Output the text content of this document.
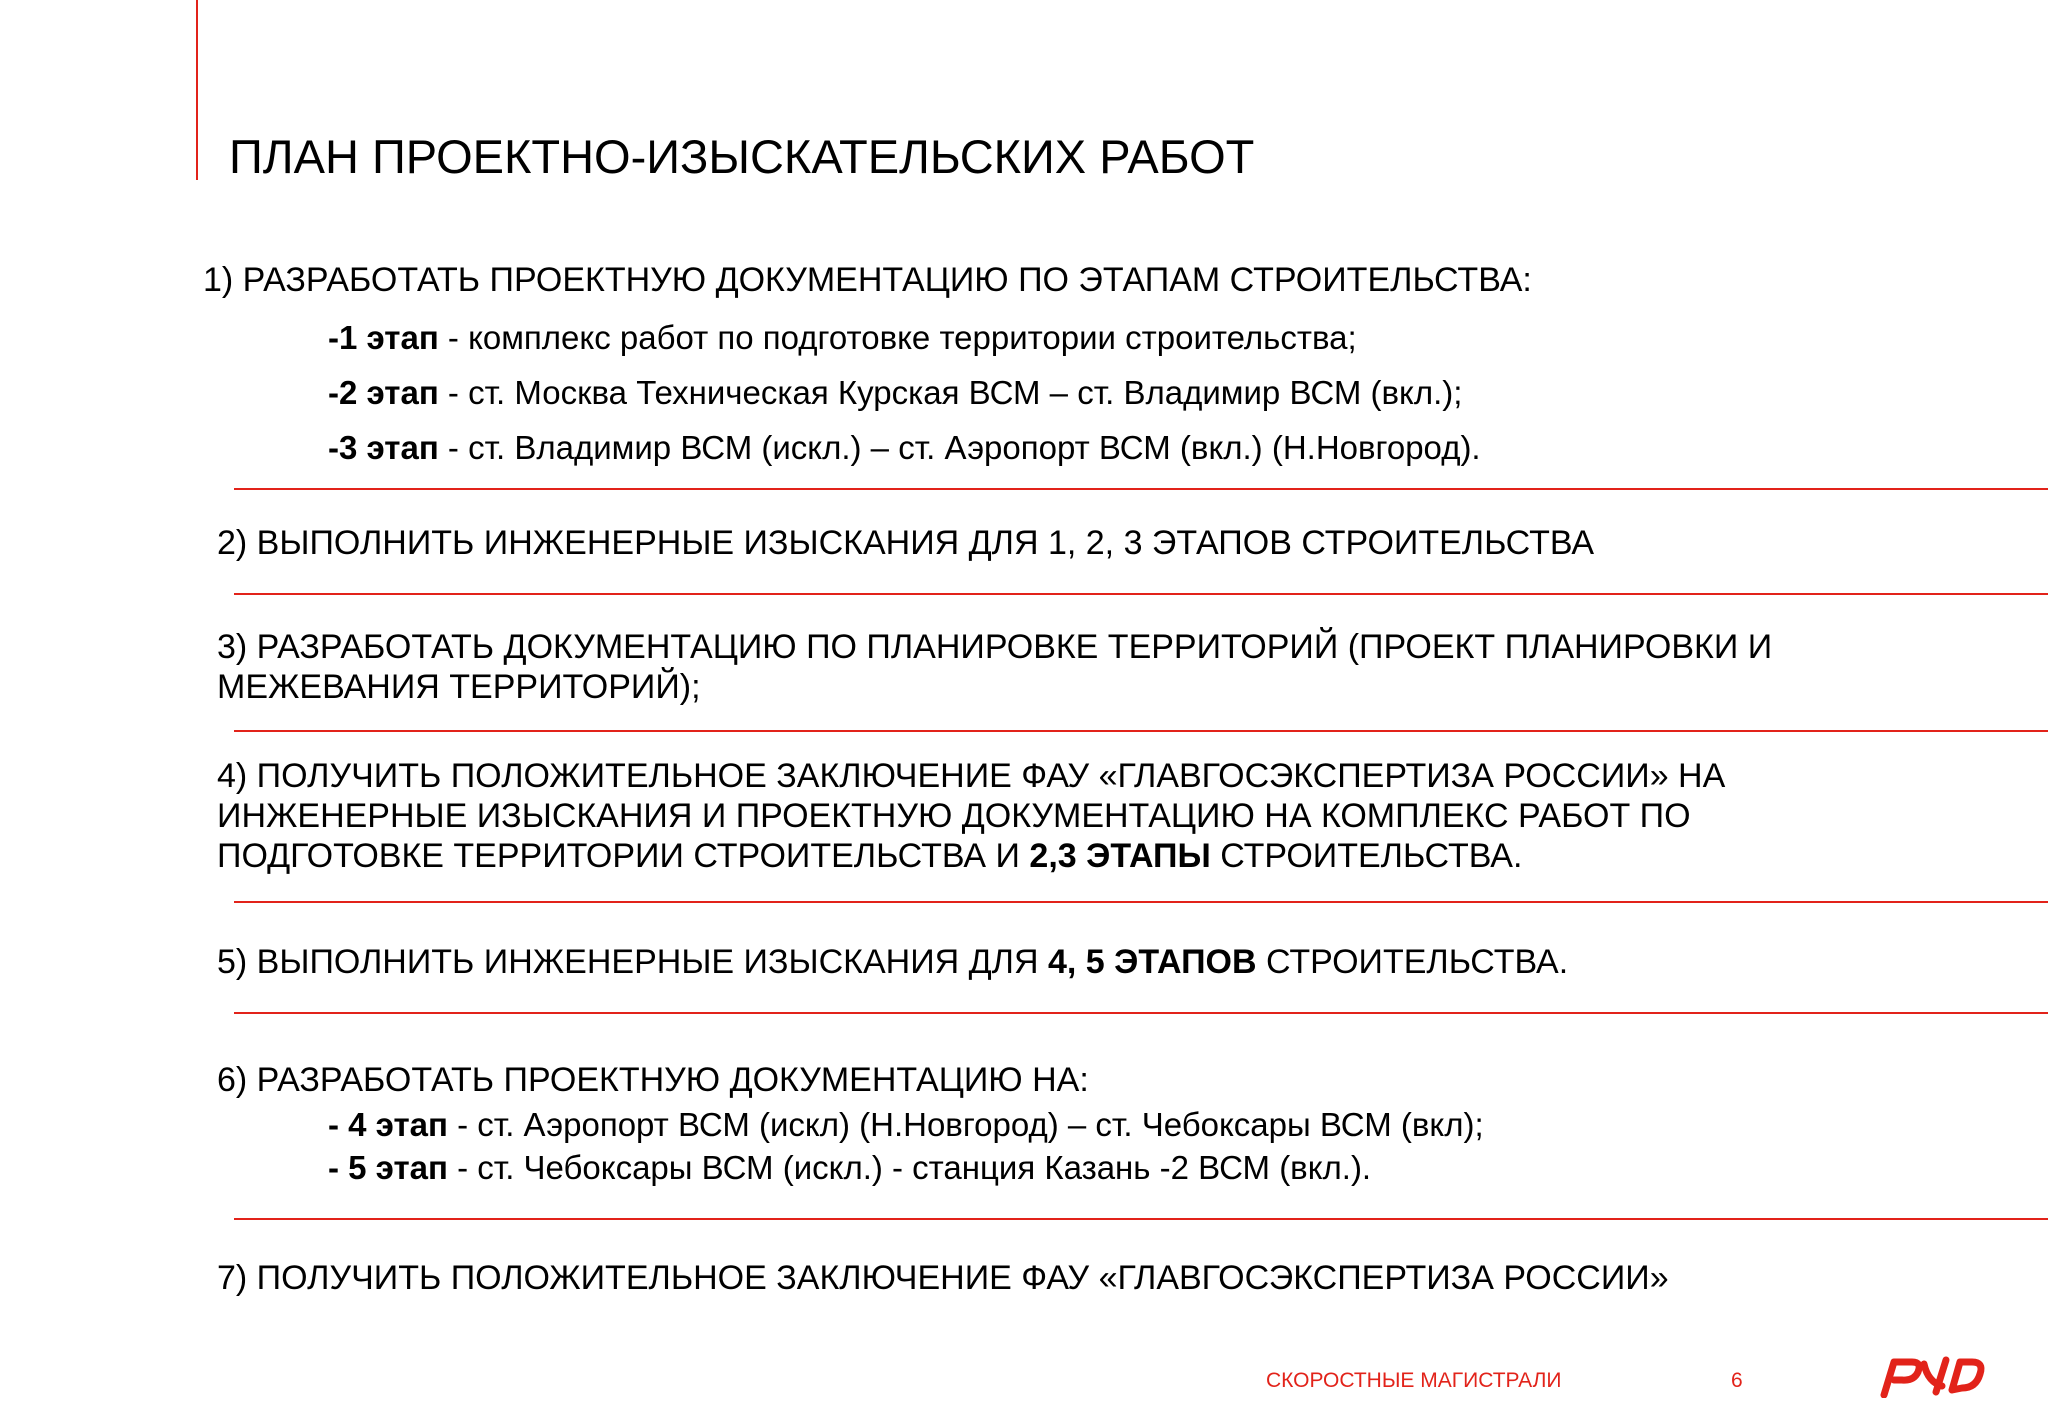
ПЛАН ПРОЕКТНО-ИЗЫСКАТЕЛЬСКИХ РАБОТ
1) РАЗРАБОТАТЬ ПРОЕКТНУЮ ДОКУМЕНТАЦИЮ ПО ЭТАПАМ СТРОИТЕЛЬСТВА:
-1 этап - комплекс работ по подготовке территории строительства;
-2 этап - ст. Москва Техническая Курская ВСМ – ст. Владимир ВСМ (вкл.);
-3 этап - ст. Владимир ВСМ (искл.) – ст. Аэропорт ВСМ (вкл.) (Н.Новгород).
2) ВЫПОЛНИТЬ ИНЖЕНЕРНЫЕ ИЗЫСКАНИЯ ДЛЯ 1, 2, 3 ЭТАПОВ СТРОИТЕЛЬСТВА
3) РАЗРАБОТАТЬ ДОКУМЕНТАЦИЮ ПО ПЛАНИРОВКЕ ТЕРРИТОРИЙ (ПРОЕКТ ПЛАНИРОВКИ И
МЕЖЕВАНИЯ ТЕРРИТОРИЙ);
4) ПОЛУЧИТЬ ПОЛОЖИТЕЛЬНОЕ ЗАКЛЮЧЕНИЕ ФАУ «ГЛАВГОСЭКСПЕРТИЗА РОССИИ» НА
ИНЖЕНЕРНЫЕ ИЗЫСКАНИЯ И ПРОЕКТНУЮ ДОКУМЕНТАЦИЮ НА КОМПЛЕКС РАБОТ ПО
ПОДГОТОВКЕ ТЕРРИТОРИИ СТРОИТЕЛЬСТВА И 2,3 ЭТАПЫ СТРОИТЕЛЬСТВА.
5) ВЫПОЛНИТЬ ИНЖЕНЕРНЫЕ ИЗЫСКАНИЯ ДЛЯ 4, 5 ЭТАПОВ СТРОИТЕЛЬСТВА.
6) РАЗРАБОТАТЬ ПРОЕКТНУЮ ДОКУМЕНТАЦИЮ НА:
- 4 этап - ст. Аэропорт ВСМ (искл) (Н.Новгород) – ст. Чебоксары ВСМ (вкл);
- 5 этап - ст. Чебоксары ВСМ (искл.) - станция Казань -2 ВСМ (вкл.).
7) ПОЛУЧИТЬ ПОЛОЖИТЕЛЬНОЕ ЗАКЛЮЧЕНИЕ ФАУ «ГЛАВГОСЭКСПЕРТИЗА РОССИИ»
СКОРОСТНЫЕ МАГИСТРАЛИ	6
